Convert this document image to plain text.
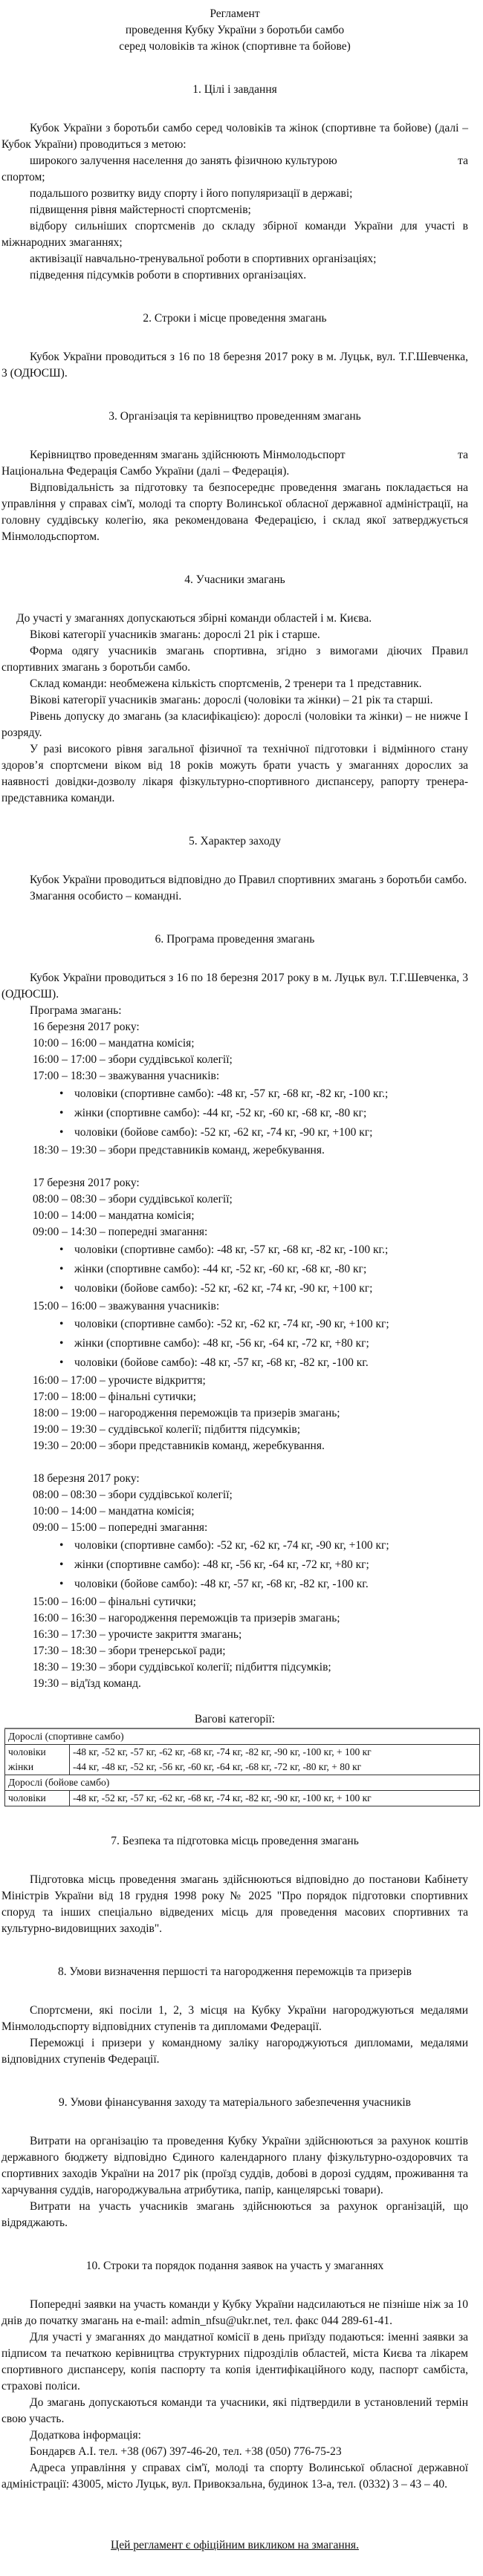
Регламент
проведення Кубку України з боротьби самбо
серед чоловіків та жінок (спортивне та бойове)
1. Цілі і завдання

Кубок України з боротьби самбо серед чоловіків та жінок (спортивне та бойове) (далі – Кубок України) проводиться з метою:

широкого залучення населення до занять фізичною культурою	та

спортом;

подальшого розвитку виду спорту і його популяризації в державі;

підвищення рівня майстерності спортсменів;

відбору сильніших спортсменів до складу збірної команди України для участі в міжнародних змаганнях;

активізації навчально-тренувальної роботи в спортивних організаціях;

підведення підсумків роботи в спортивних організаціях.

2. Строки і місце проведення змагань

Кубок України проводиться з 16 по 18 березня 2017 року в м. Луцьк, вул. Т.Г.Шевченка, 3 (ОДЮСШ).

3. Організація та керівництво проведенням змагань

Керівництво проведенням змагань здійснюють Мінмолодьспорт	та

Національна Федерація Самбо України (далі – Федерація).

Відповідальність за підготовку та безпосереднє проведення змагань покладається на управління у справах сім'ї, молоді та спорту Волинської обласної державної адміністрації, на головну суддівську колегію, яка рекомендована Федерацією, і склад якої затверджується Мінмолодьспортом.

4. Учасники змагань

До участі у змаганнях допускаються збірні команди областей і м. Києва.

Вікові категорії учасників змагань: дорослі 21 рік і старше.

Форма одягу учасників змагань спортивна, згідно з вимогами діючих Правил спортивних змагань з боротьби самбо.

Склад команди: необмежена кількість спортсменів, 2 тренери та 1 представник.

Вікові категорії учасників змагань: дорослі (чоловіки та жінки) – 21 рік та старші.

Рівень допуску до змагань (за класифікацією): дорослі (чоловіки та жінки) – не нижче І розряду.

У разі високого рівня загальної фізичної та технічної підготовки і відмінного стану здоров’я спортсмени віком від 18 років можуть брати участь у змаганнях дорослих за наявності довідки-дозволу лікаря фізкультурно-спортивного диспансеру, рапорту тренера-представника команди.

5. Характер заходу

Кубок України проводиться відповідно до Правил спортивних змагань з боротьби самбо.

Змагання особисто – командні.

6. Програма проведення змагань

Кубок України проводиться з 16 по 18 березня 2017 року в м. Луцьк вул. Т.Г.Шевченка, 3 (ОДЮСШ).

Програма змагань:

16 березня 2017 року:

10:00 – 16:00 – мандатна комісія;

16:00 – 17:00 – збори суддівської колегії;

17:00 – 18:30 – зважування учасників:

• чоловіки (спортивне самбо): -48 кг, -57 кг, -68 кг, -82 кг, -100 кг.;
• жінки (спортивне самбо): -44 кг, -52 кг, -60 кг, -68 кг, -80 кг;
• чоловіки (бойове самбо): -52 кг, -62 кг, -74 кг, -90 кг, +100 кг;

18:30 – 19:30 – збори представників команд, жеребкування.

17 березня 2017 року:

08:00 – 08:30 – збори суддівської колегії;

10:00 – 14:00 – мандатна комісія;

09:00 – 14:30 – попередні змагання:

• чоловіки (спортивне самбо): -48 кг, -57 кг, -68 кг, -82 кг, -100 кг.;
• жінки (спортивне самбо): -44 кг, -52 кг, -60 кг, -68 кг, -80 кг;
• чоловіки (бойове самбо): -52 кг, -62 кг, -74 кг, -90 кг, +100 кг;

15:00 – 16:00 – зважування учасників:

• чоловіки (спортивне самбо): -52 кг, -62 кг, -74 кг, -90 кг, +100 кг;
• жінки (спортивне самбо): -48 кг, -56 кг, -64 кг, -72 кг, +80 кг;
• чоловіки (бойове самбо): -48 кг, -57 кг, -68 кг, -82 кг, -100 кг.

16:00 – 17:00 – урочисте відкриття;

17:00 – 18:00 – фінальні сутички;

18:00 – 19:00 – нагородження переможців та призерів змагань;

19:00 – 19:30 – суддівської колегії; підбиття підсумків;

19:30 – 20:00 – збори представників команд, жеребкування.

18 березня 2017 року:

08:00 – 08:30 – збори суддівської колегії;

10:00 – 14:00 – мандатна комісія;

09:00 – 15:00 – попередні змагання:

• чоловіки (спортивне самбо): -52 кг, -62 кг, -74 кг, -90 кг, +100 кг;
• жінки (спортивне самбо): -48 кг, -56 кг, -64 кг, -72 кг, +80 кг;
• чоловіки (бойове самбо): -48 кг, -57 кг, -68 кг, -82 кг, -100 кг.

15:00 – 16:00 – фінальні сутички;

16:00 – 16:30 – нагородження переможців та призерів змагань;

16:30 – 17:30 – урочисте закриття змагань;

17:30 – 18:30 – збори тренерської ради;

18:30 – 19:30 – збори суддівської колегії; підбиття підсумків;

19:30 – від'їзд команд.

Вагові категорії:
Дорослі (спортивне самбо)	
чоловіки	-48 кг, -52 кг, -57 кг, -62 кг, -68 кг, -74 кг, -82 кг, -90 кг, -100 кг, + 100 кг
жінки	-44 кг, -48 кг, -52 кг, -56 кг, -60 кг, -64 кг, -68 кг, -72 кг, -80 кг, + 80 кг
Дорослі (бойове самбо)	
чоловіки	-48 кг, -52 кг, -57 кг, -62 кг, -68 кг, -74 кг, -82 кг, -90 кг, -100 кг, + 100 кг
7. Безпека та підготовка місць проведення змагань

Підготовка місць проведення змагань здійснюються відповідно до постанови Кабінету Міністрів України від 18 грудня 1998 року № 2025 "Про порядок підготовки спортивних споруд та інших спеціально відведених місць для проведення масових спортивних та культурно-видовищних заходів".

8. Умови визначення першості та нагородження переможців та призерів

Спортсмени, які посіли 1, 2, 3 місця на Кубку України нагороджуються медалями Мінмолодьспорту відповідних ступенів та дипломами Федерації.

Переможці і призери у командному заліку нагороджуються дипломами, медалями відповідних ступенів Федерації.

9. Умови фінансування заходу та матеріального забезпечення учасників

Витрати на організацію та проведення Кубку України здійснюються за рахунок коштів державного бюджету відповідно Єдиного календарного плану фізкультурно-оздоровчих та спортивних заходів України на 2017 рік (проїзд суддів, добові в дорозі суддям, проживання та харчування суддів, нагороджувальна атрибутика, папір, канцелярські товари).

Витрати на участь учасників змагань здійснюються за рахунок організацій, що відряджають.

10. Строки та порядок подання заявок на участь у змаганнях

Попередні заявки на участь команди у Кубку України надсилаються не пізніше ніж за 10 днів до початку змагань на e-mail: admin_nfsu@ukr.net, тел. факс 044 289-61-41.

Для участі у змаганнях до мандатної комісії в день приїзду подаються: іменні заявки за підписом та печаткою керівництва структурних підрозділів областей, міста Києва та лікарем спортивного диспансеру, копія паспорту та копія ідентифікаційного коду, паспорт самбіста, страхові поліси.

До змагань допускаються команди та учасники, які підтвердили в установлений термін свою участь.

Додаткова інформація:

Бондарєв А.І. тел. +38 (067) 397-46-20, тел. +38 (050) 776-75-23

Адреса управління у справах сім'ї, молоді та спорту Волинської обласної державної адміністрації: 43005, місто Луцьк, вул. Привокзальна, будинок 13-а, тел. (0332) 3 – 43 – 40.

Цей регламент є офіційним викликом на змагання.
